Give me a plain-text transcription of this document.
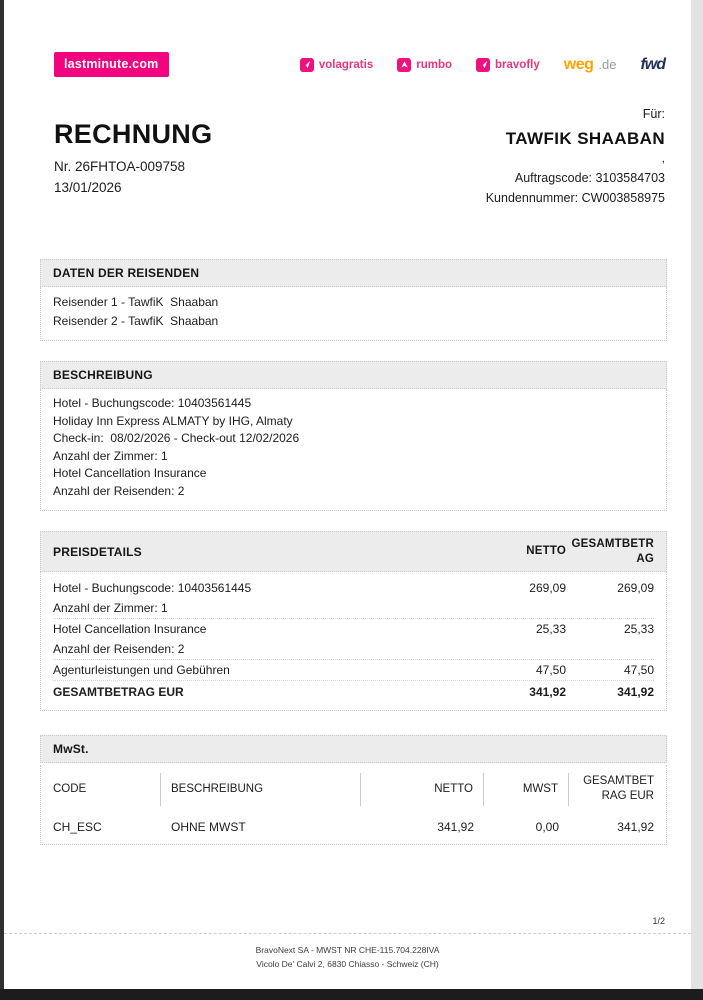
lastminute.com	volagratis	rumbo	bravofly weg .de fwd
RECHNUNG
Nr. 26FHTOA-009758
13/01/2026
Für:
TAWFIK SHAABAN
,
Auftragscode: 3103584703
Kundennummer: CW003858975
DATEN DER REISENDEN
Reisender 1 - TawfiK  Shaaban
Reisender 2 - TawfiK  Shaaban
BESCHREIBUNG
Hotel - Buchungscode: 10403561445
Holiday Inn Express ALMATY by IHG, Almaty
Check-in:  08/02/2026 - Check-out 12/02/2026
Anzahl der Zimmer: 1
Hotel Cancellation Insurance
Anzahl der Reisenden: 2
PREISDETAILS	NETTO
GESAMTBETRAG
Hotel - Buchungscode: 10403561445	269,09	269,09
Anzahl der Zimmer: 1
Hotel Cancellation Insurance	25,33	25,33
Anzahl der Reisenden: 2
Agenturleistungen und Gebühren	47,50	47,50
GESAMTBETRAG EUR	341,92	341,92
MwSt.
CODE	BESCHREIBUNG	NETTO	MWST
GESAMTBETRAG EUR
CH_ESC	OHNE MWST	341,92	0,00	341,92
1/2
BravoNext SA - MWST NR CHE-115.704.228IVA
Vicolo De' Calvi 2, 6830 Chiasso - Schweiz (CH)
